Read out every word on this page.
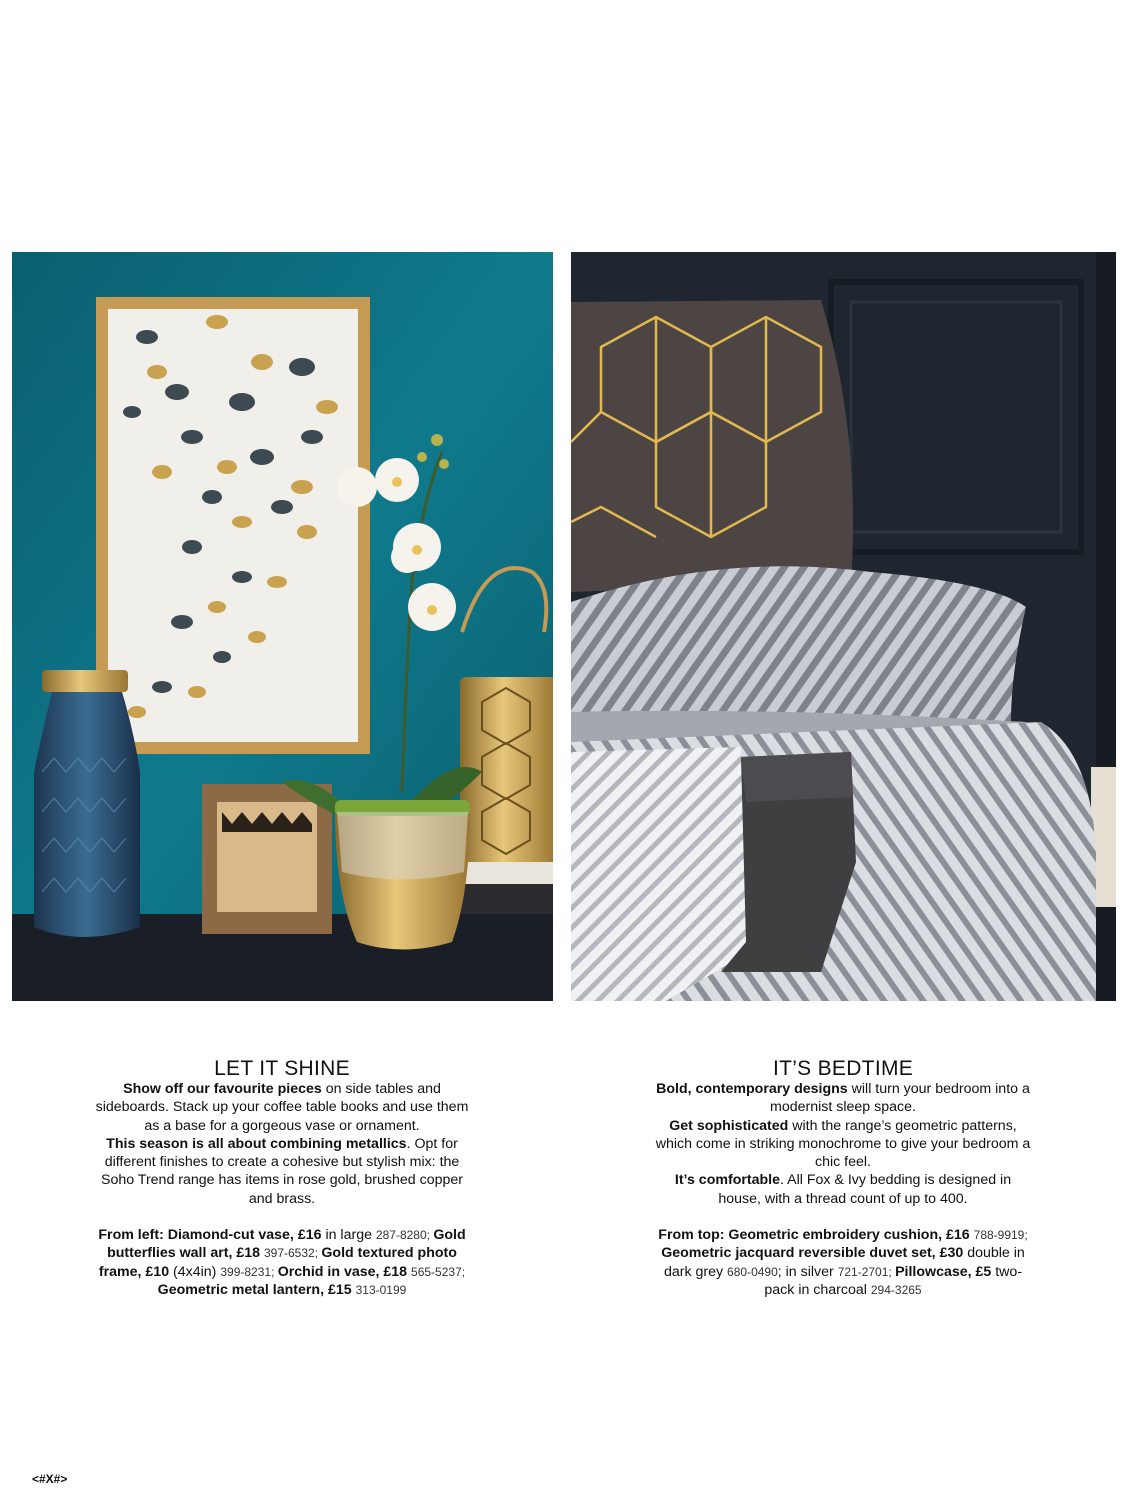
LET IT SHINE

Show off our favourite pieces on side tables and sideboards. Stack up your coffee table books and use them as a base for a gorgeous vase or ornament.
This season is all about combining metallics. Opt for different finishes to create a cohesive but stylish mix: the Soho Trend range has items in rose gold, brushed copper and brass.

From left: Diamond-cut vase, £16 in large 287-8280; Gold butterflies wall art, £18 397-6532; Gold textured photo frame, £10 (4x4in) 399-8231; Orchid in vase, £18 565-5237; Geometric metal lantern, £15 313-0199

IT’S BEDTIME

Bold, contemporary designs will turn your bedroom into a modernist sleep space.
Get sophisticated with the range’s geometric patterns, which come in striking monochrome to give your bedroom a chic feel.
It’s comfortable. All Fox & Ivy bedding is designed in house, with a thread count of up to 400.

From top: Geometric embroidery cushion, £16 788-9919; Geometric jacquard reversible duvet set, £30 double in dark grey 680-0490; in silver 721-2701; Pillowcase, £5 two-pack in charcoal 294-3265

<#X#>
